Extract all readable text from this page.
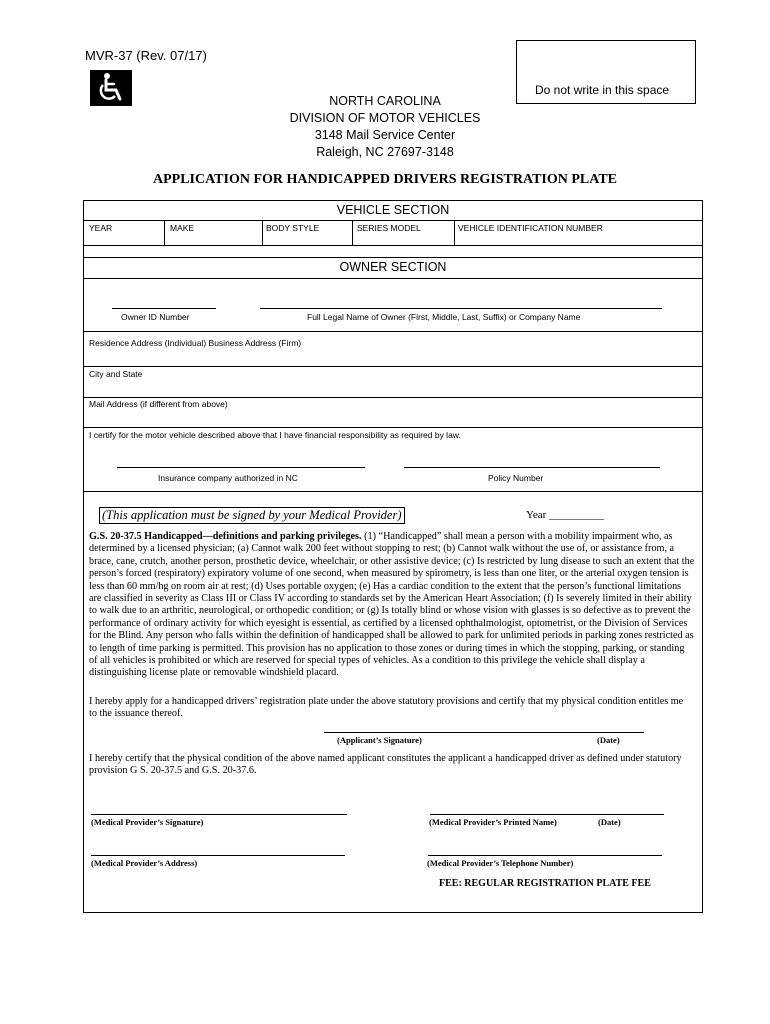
MVR-37 (Rev. 07/17)
Do not write in this space
NORTH CAROLINA
DIVISION OF MOTOR VEHICLES
3148 Mail Service Center
Raleigh, NC 27697-3148
APPLICATION FOR HANDICAPPED DRIVERS REGISTRATION PLATE
VEHICLE SECTION
YEAR	MAKE	BODY STYLE	SERIES MODEL	VEHICLE IDENTIFICATION NUMBER
OWNER SECTION
Owner ID Number	Full Legal Name of Owner (First, Middle, Last, Suffix) or Company Name
Residence Address (Individual) Business Address (Firm)
City and State
Mail Address (if different from above)
I certify for the motor vehicle described above that I have financial responsibility as required by law.
Insurance company authorized in NC	Policy Number
(This application must be signed by your Medical Provider)	Year __________
G.S. 20-37.5 Handicapped—definitions and parking privileges. (1) “Handicapped” shall mean a person with a mobility impairment who, as determined by a licensed physician; (a) Cannot walk 200 feet without stopping to rest; (b) Cannot walk without the use of, or assistance from, a brace, cane, crutch, another person, prosthetic device, wheelchair, or other assistive device; (c) Is restricted by lung disease to such an extent that the person’s forced (respiratory) expiratory volume of one second, when measured by spirometry, is less than one liter, or the arterial oxygen tension is less than 60 mm/hg on room air at rest; (d) Uses portable oxygen; (e) Has a cardiac condition to the extent that the person’s functional limitations are classified in severity as Class III or Class IV according to standards set by the American Heart Association; (f) Is severely limited in their ability to walk due to an arthritic, neurological, or orthopedic condition; or (g) Is totally blind or whose vision with glasses is so defective as to prevent the performance of ordinary activity for which eyesight is essential, as certified by a licensed ophthalmologist, optometrist, or the Division of Services for the Blind. Any person who falls within the definition of handicapped shall be allowed to park for unlimited periods in parking zones restricted as to length of time parking is permitted. This provision has no application to those zones or during times in which the stopping, parking, or standing of all vehicles is prohibited or which are reserved for special types of vehicles. As a condition to this privilege the vehicle shall display a distinguishing license plate or removable windshield placard.
I hereby apply for a handicapped drivers’ registration plate under the above statutory provisions and certify that my physical condition entitles me to the issuance thereof.
(Applicant’s Signature)	(Date)
I hereby certify that the physical condition of the above named applicant constitutes the applicant a handicapped driver as defined under statutory provision G S. 20-37.5 and G.S. 20-37.6.
(Medical Provider’s Signature)	(Medical Provider’s Printed Name)	(Date)
(Medical Provider’s Address)	(Medical Provider’s Telephone Number)
FEE: REGULAR REGISTRATION PLATE FEE
